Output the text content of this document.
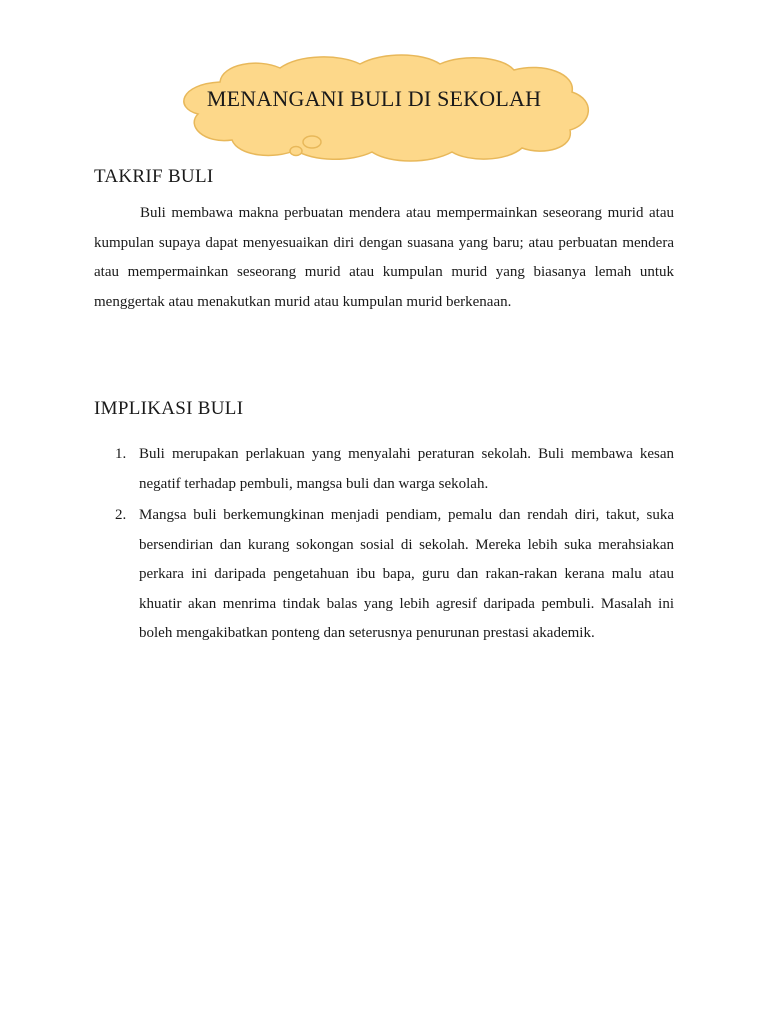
MENANGANI BULI DI SEKOLAH
TAKRIF BULI

Buli membawa makna perbuatan mendera atau mempermainkan seseorang murid atau kumpulan supaya dapat menyesuaikan diri dengan suasana yang baru; atau perbuatan mendera atau mempermainkan seseorang murid atau kumpulan murid yang biasanya lemah untuk menggertak atau menakutkan murid atau kumpulan murid berkenaan.

IMPLIKASI BULI
1. Buli merupakan perlakuan yang menyalahi peraturan sekolah. Buli membawa kesan negatif terhadap pembuli, mangsa buli dan warga sekolah.
2. Mangsa buli berkemungkinan menjadi pendiam, pemalu dan rendah diri, takut, suka bersendirian dan kurang sokongan sosial di sekolah. Mereka lebih suka merahsiakan perkara ini daripada pengetahuan ibu bapa, guru dan rakan-rakan kerana malu atau khuatir akan menrima tindak balas yang lebih agresif daripada pembuli. Masalah ini boleh mengakibatkan ponteng dan seterusnya penurunan prestasi akademik.
